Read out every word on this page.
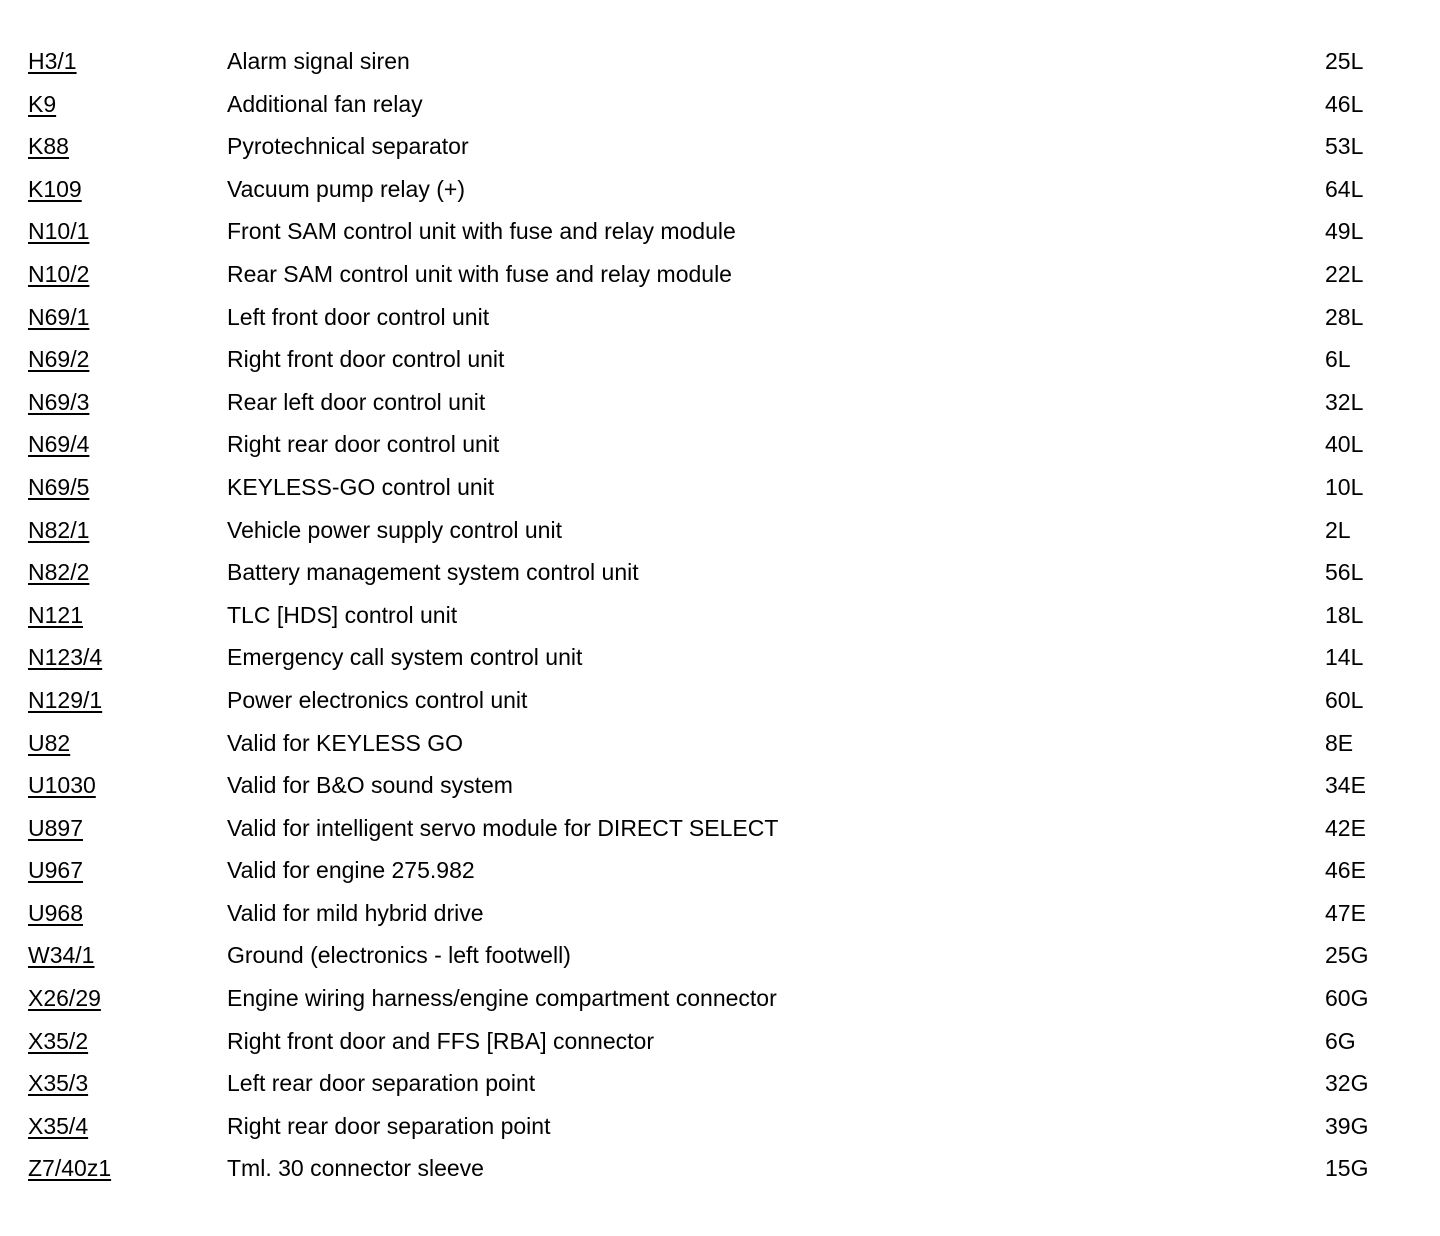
H3/1	Alarm signal siren	25L
K9	Additional fan relay	46L
K88	Pyrotechnical separator	53L
K109	Vacuum pump relay (+)	64L
N10/1	Front SAM control unit with fuse and relay module	49L
N10/2	Rear SAM control unit with fuse and relay module	22L
N69/1	Left front door control unit	28L
N69/2	Right front door control unit	6L
N69/3	Rear left door control unit	32L
N69/4	Right rear door control unit	40L
N69/5	KEYLESS-GO control unit	10L
N82/1	Vehicle power supply control unit	2L
N82/2	Battery management system control unit	56L
N121	TLC [HDS] control unit	18L
N123/4	Emergency call system control unit	14L
N129/1	Power electronics control unit	60L
U82	Valid for KEYLESS GO	8E
U1030	Valid for B&O sound system	34E
U897	Valid for intelligent servo module for DIRECT SELECT	42E
U967	Valid for engine 275.982	46E
U968	Valid for mild hybrid drive	47E
W34/1	Ground (electronics - left footwell)	25G
X26/29	Engine wiring harness/engine compartment connector	60G
X35/2	Right front door and FFS [RBA] connector	6G
X35/3	Left rear door separation point	32G
X35/4	Right rear door separation point	39G
Z7/40z1	Tml. 30 connector sleeve	15G
